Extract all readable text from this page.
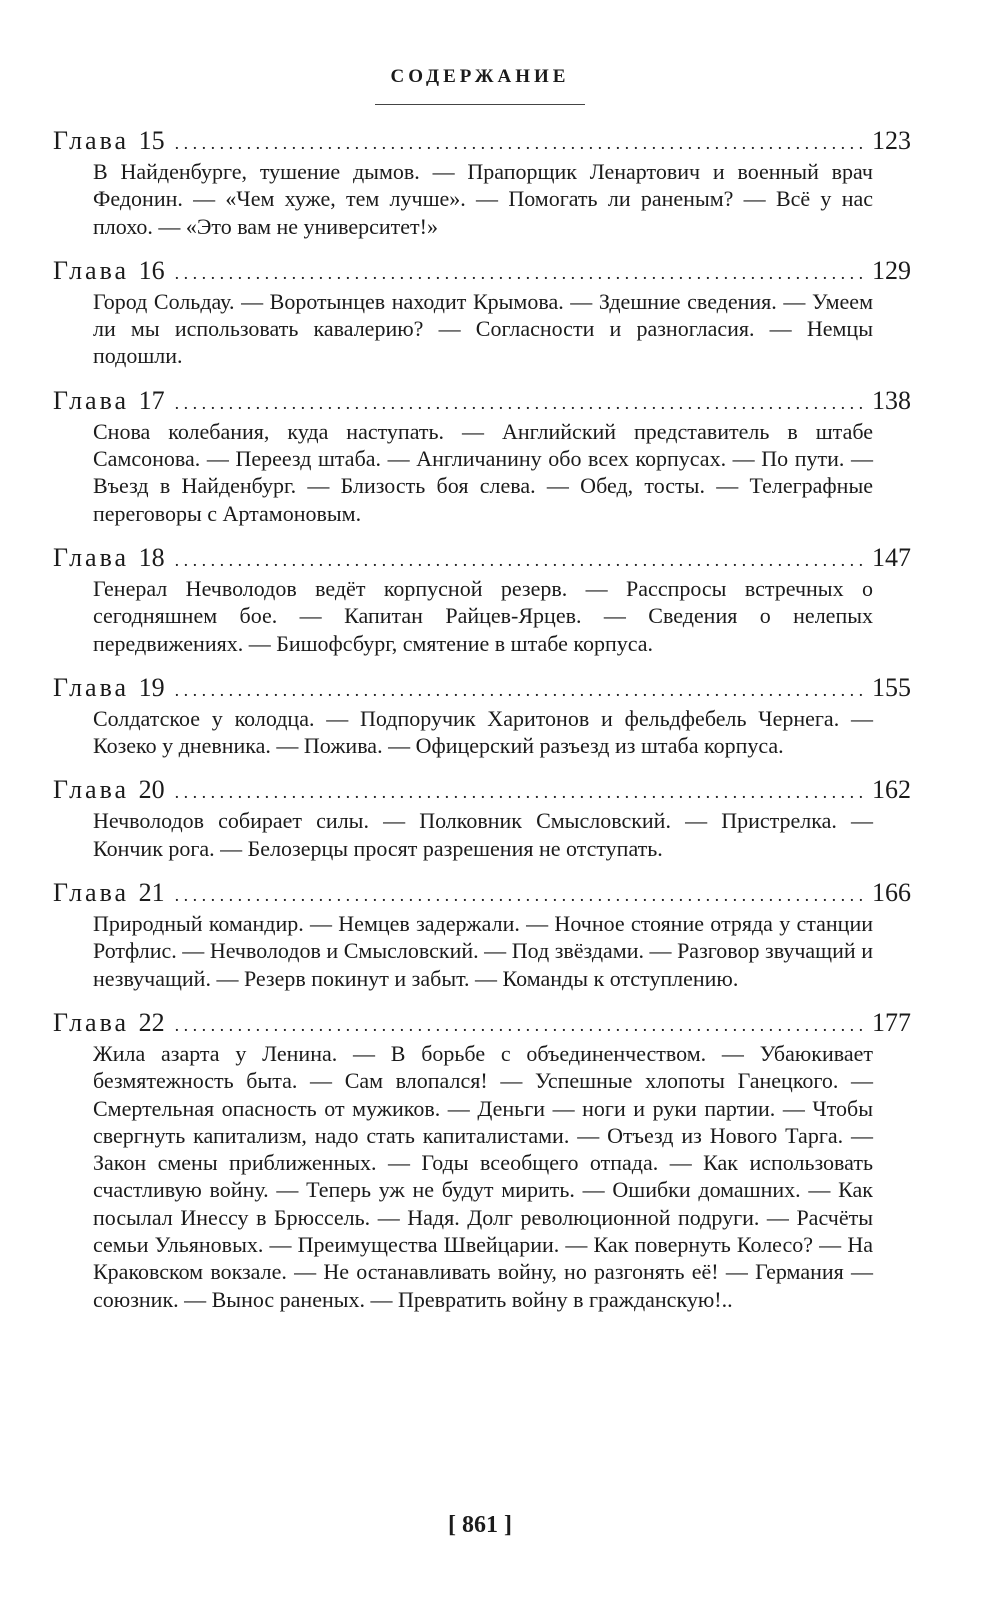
СОДЕРЖАНИЕ
Глава 15 . . .	123
В Найденбурге, тушение дымов. — Прапорщик Ленартович и военный врач Федонин. — «Чем хуже, тем лучше». — Помогать ли раненым? — Всё у нас плохо. — «Это вам не университет!»
Глава 16 . . .	129
Город Сольдау. — Воротынцев находит Крымова. — Здешние сведения. — Умеем ли мы использовать кавалерию? — Согласности и разногласия. — Немцы подошли.
Глава 17 . . .	138
Снова колебания, куда наступать. — Английский представитель в штабе Самсонова. — Переезд штаба. — Англичанину обо всех корпусах. — По пути. — Въезд в Найденбург. — Близость боя слева. — Обед, тосты. — Телеграфные переговоры с Артамоновым.
Глава 18 . . .	147
Генерал Нечволодов ведёт корпусной резерв. — Расспросы встречных о сегодняшнем бое. — Капитан Райцев-Ярцев. — Сведения о нелепых передвижениях. — Бишофсбург, смятение в штабе корпуса.
Глава 19 . . .	155
Солдатское у колодца. — Подпоручик Харитонов и фельдфебель Чернега. — Козеко у дневника. — Пожива. — Офицерский разъезд из штаба корпуса.
Глава 20 . . .	162
Нечволодов собирает силы. — Полковник Смысловский. — Пристрелка. — Кончик рога. — Белозерцы просят разрешения не отступать.
Глава 21 . . .	166
Природный командир. — Немцев задержали. — Ночное стояние отряда у станции Ротфлис. — Нечволодов и Смысловский. — Под звёздами. — Разговор звучащий и незвучащий. — Резерв покинут и забыт. — Команды к отступлению.
Глава 22 . . .	177
Жила азарта у Ленина. — В борьбе с объединенчеством. — Убаюкивает безмятежность быта. — Сам влопался! — Успешные хлопоты Ганецкого. — Смертельная опасность от мужиков. — Деньги — ноги и руки партии. — Чтобы свергнуть капитализм, надо стать капиталистами. — Отъезд из Нового Тарга. — Закон смены приближенных. — Годы всеобщего отпада. — Как использовать счастливую войну. — Теперь уж не будут мирить. — Ошибки домашних. — Как посылал Инессу в Брюссель. — Надя. Долг революционной подруги. — Расчёты семьи Ульяновых. — Преимущества Швейцарии. — Как повернуть Колесо? — На Краковском вокзале. — Не останавливать войну, но разгонять её! — Германия — союзник. — Вынос раненых. — Превратить войну в гражданскую!..
[ 861 ]
